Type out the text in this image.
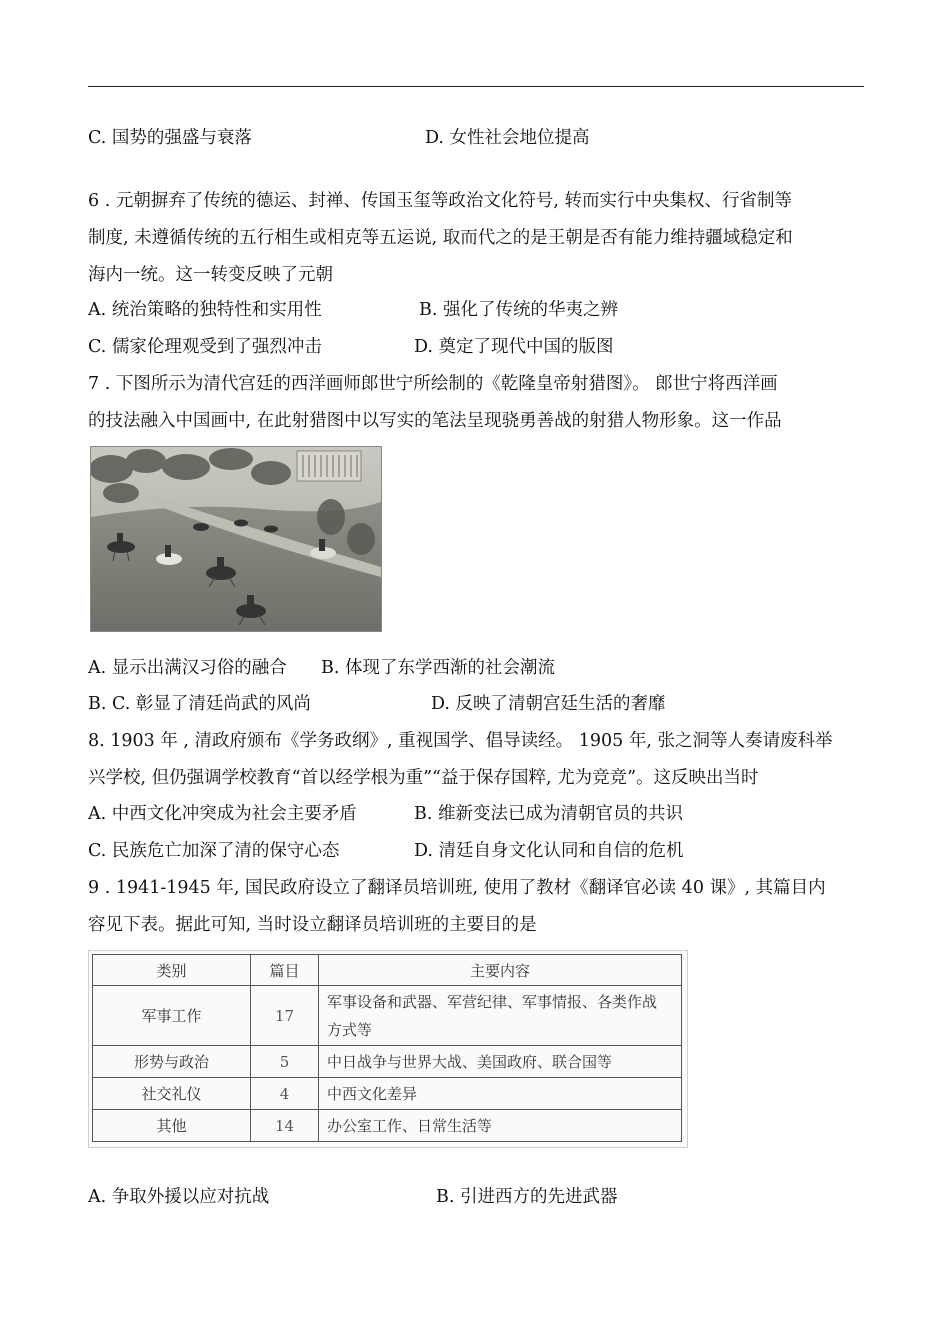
C. 国势的强盛与衰落	D. 女性社会地位提高
6 . 元朝摒弃了传统的德运、封禅、传国玉玺等政治文化符号, 转而实行中央集权、行省制等
制度, 未遵循传统的五行相生或相克等五运说, 取而代之的是王朝是否有能力维持疆域稳定和
海内一统。这一转变反映了元朝
A. 统治策略的独特性和实用性	B. 强化了传统的华夷之辨
C. 儒家伦理观受到了强烈冲击	D. 奠定了现代中国的版图
7 . 下图所示为清代宫廷的西洋画师郎世宁所绘制的《乾隆皇帝射猎图》。 郎世宁将西洋画
的技法融入中国画中, 在此射猎图中以写实的笔法呈现骁勇善战的射猎人物形象。这一作品
A. 显示出满汉习俗的融合 B. 体现了东学西渐的社会潮流
B. C. 彰显了清廷尚武的风尚	D. 反映了清朝宫廷生活的奢靡
8. 1903 年 , 清政府颁布《学务政纲》, 重视国学、倡导读经。 1905 年, 张之洞等人奏请废科举
兴学校, 但仍强调学校教育“首以经学根为重”“益于保存国粹, 尤为竞竞”。这反映出当时
A. 中西文化冲突成为社会主要矛盾	B. 维新变法已成为清朝官员的共识
C. 民族危亡加深了清的保守心态	D. 清廷自身文化认同和自信的危机
9 . 1941-1945 年, 国民政府设立了翻译员培训班, 使用了教材《翻译官必读 40 课》, 其篇目内
容见下表。据此可知, 当时设立翻译员培训班的主要目的是
类别	篇目	主要内容
军事工作	17	军事设备和武器、军营纪律、军事情报、各类作战
方式等

形势与政治	5	中日战争与世界大战、美国政府、联合国等
社交礼仪	4	中西文化差异
其他	14	办公室工作、日常生活等
A. 争取外援以应对抗战	B. 引进西方的先进武器
